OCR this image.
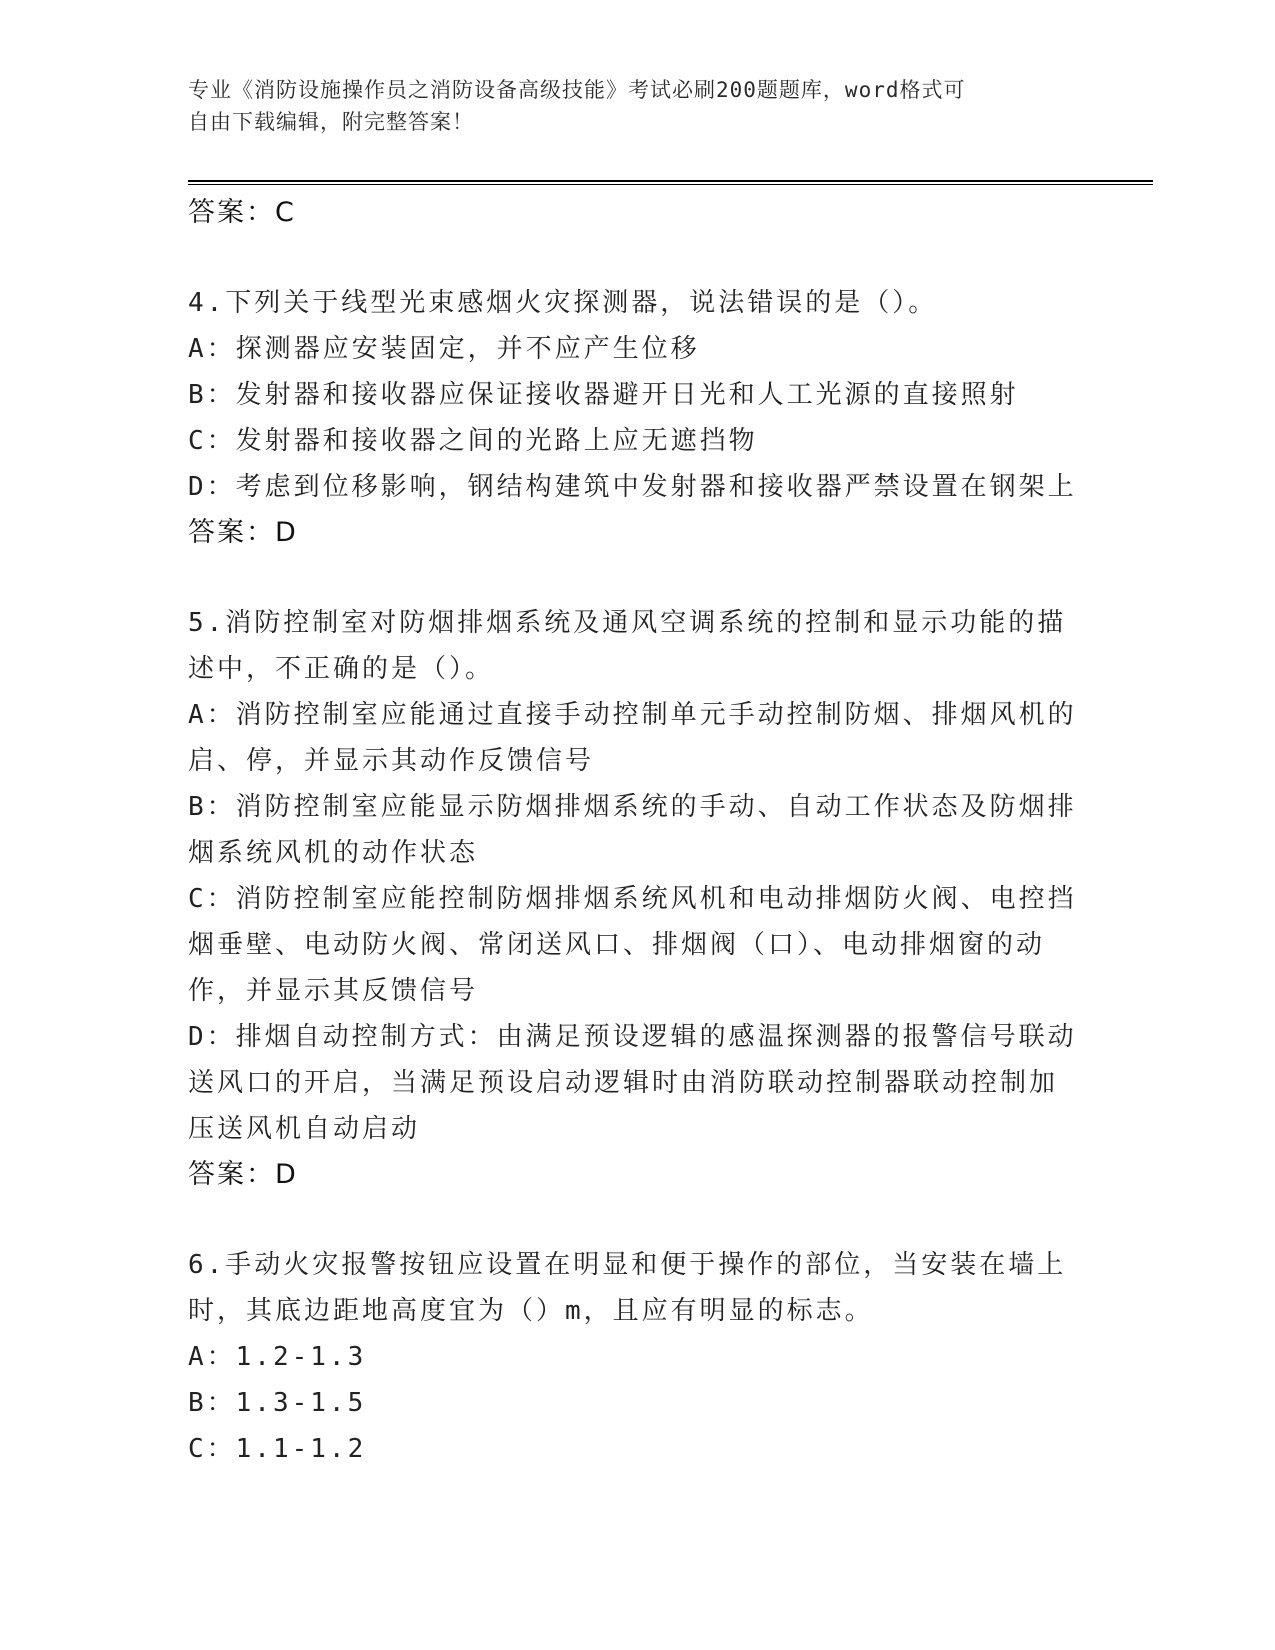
专业《消防设施操作员之消防设备高级技能》考试必刷200题题库，word格式可
自由下载编辑，附完整答案！
答案：C
4.下列关于线型光束感烟火灾探测器，说法错误的是（）。
A：探测器应安装固定，并不应产生位移
B：发射器和接收器应保证接收器避开日光和人工光源的直接照射
C：发射器和接收器之间的光路上应无遮挡物
D：考虑到位移影响，钢结构建筑中发射器和接收器严禁设置在钢架上
答案：D
5.消防控制室对防烟排烟系统及通风空调系统的控制和显示功能的描
述中，不正确的是（）。
A：消防控制室应能通过直接手动控制单元手动控制防烟、排烟风机的
启、停，并显示其动作反馈信号
B：消防控制室应能显示防烟排烟系统的手动、自动工作状态及防烟排
烟系统风机的动作状态
C：消防控制室应能控制防烟排烟系统风机和电动排烟防火阀、电控挡
烟垂壁、电动防火阀、常闭送风口、排烟阀（口）、电动排烟窗的动
作，并显示其反馈信号
D：排烟自动控制方式：由满足预设逻辑的感温探测器的报警信号联动
送风口的开启，当满足预设启动逻辑时由消防联动控制器联动控制加
压送风机自动启动
答案：D
6.手动火灾报警按钮应设置在明显和便于操作的部位，当安装在墙上
时，其底边距地高度宜为（）m，且应有明显的标志。
A：1.2-1.3
B：1.3-1.5
C：1.1-1.2
